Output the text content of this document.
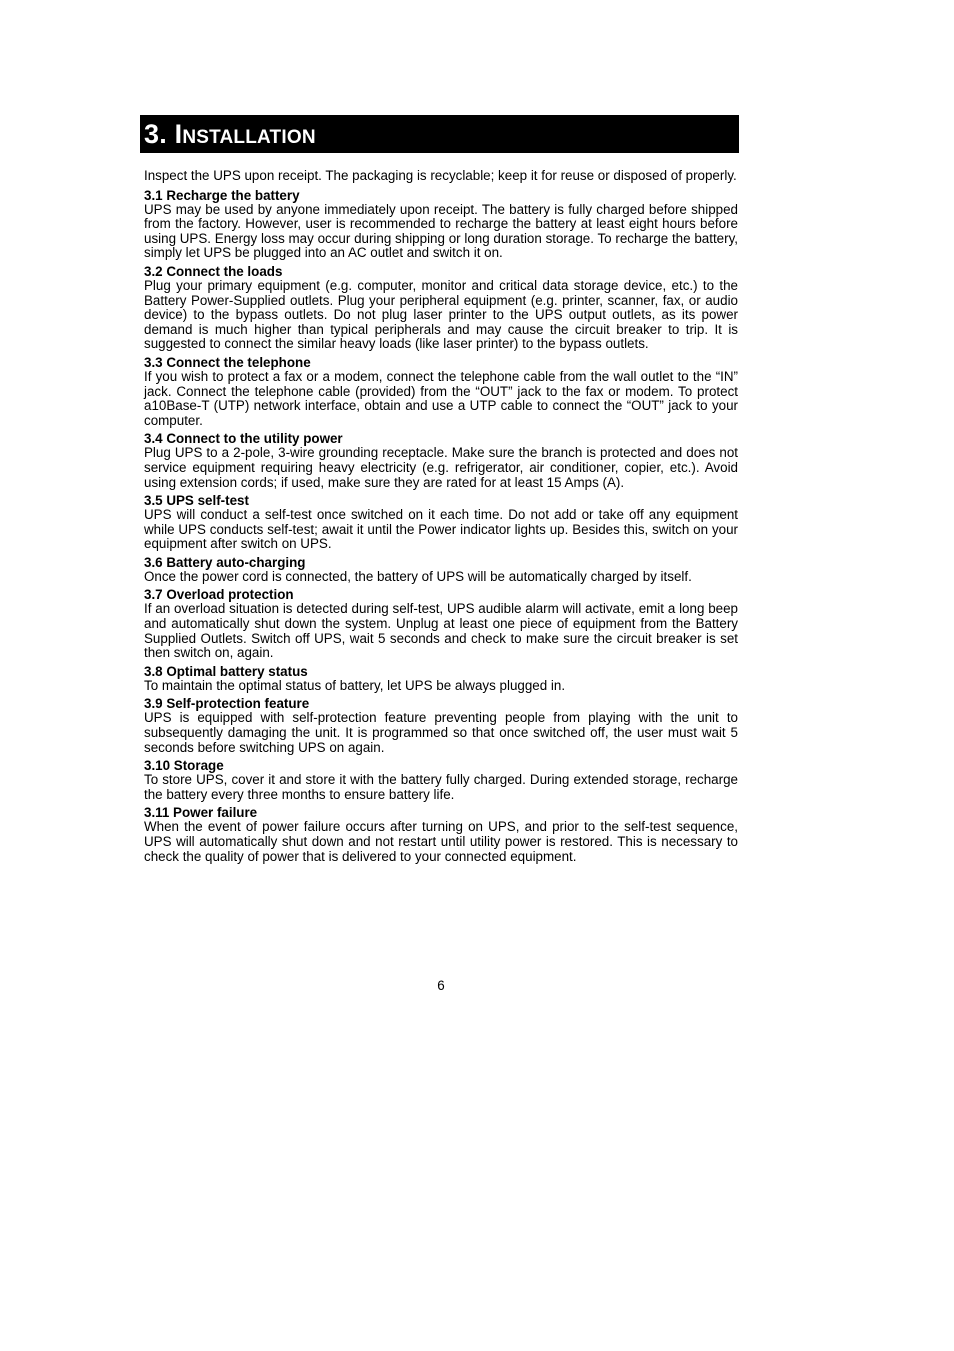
3. Installation

Inspect the UPS upon receipt. The packaging is recyclable; keep it for reuse or disposed of properly.

3.1 Recharge the battery

UPS may be used by anyone immediately upon receipt. The battery is fully charged before shipped from the factory. However, user is recommended to recharge the battery at least eight hours before using UPS. Energy loss may occur during shipping or long duration storage. To recharge the battery, simply let UPS be plugged into an AC outlet and switch it on.

3.2 Connect the loads

Plug your primary equipment (e.g. computer, monitor and critical data storage device, etc.) to the Battery Power-Supplied outlets. Plug your peripheral equipment (e.g. printer, scanner, fax, or audio device) to the bypass outlets. Do not plug laser printer to the UPS output outlets, as its power demand is much higher than typical peripherals and may cause the circuit breaker to trip. It is suggested to connect the similar heavy loads (like laser printer) to the bypass outlets.

3.3 Connect the telephone

If you wish to protect a fax or a modem, connect the telephone cable from the wall outlet to the “IN” jack. Connect the telephone cable (provided) from the “OUT” jack to the fax or modem. To protect a10Base-T (UTP) network interface, obtain and use a UTP cable to connect the “OUT” jack to your computer.

3.4 Connect to the utility power

Plug UPS to a 2-pole, 3-wire grounding receptacle. Make sure the branch is protected and does not service equipment requiring heavy electricity (e.g. refrigerator, air conditioner, copier, etc.). Avoid using extension cords; if used, make sure they are rated for at least 15 Amps (A).

3.5 UPS self-test

UPS will conduct a self-test once switched on it each time. Do not add or take off any equipment while UPS conducts self-test; await it until the Power indicator lights up. Besides this, switch on your equipment after switch on UPS.

3.6 Battery auto-charging

Once the power cord is connected, the battery of UPS will be automatically charged by itself.

3.7 Overload protection

If an overload situation is detected during self-test, UPS audible alarm will activate, emit a long beep and automatically shut down the system. Unplug at least one piece of equipment from the Battery Supplied Outlets. Switch off UPS, wait 5 seconds and check to make sure the circuit breaker is set then switch on, again.

3.8 Optimal battery status

To maintain the optimal status of battery, let UPS be always plugged in.

3.9 Self-protection feature

UPS is equipped with self-protection feature preventing people from playing with the unit to subsequently damaging the unit. It is programmed so that once switched off, the user must wait 5 seconds before switching UPS on again.

3.10 Storage

To store UPS, cover it and store it with the battery fully charged. During extended storage, recharge the battery every three months to ensure battery life.

3.11 Power failure

When the event of power failure occurs after turning on UPS, and prior to the self-test sequence, UPS will automatically shut down and not restart until utility power is restored. This is necessary to check the quality of power that is delivered to your connected equipment.

6
